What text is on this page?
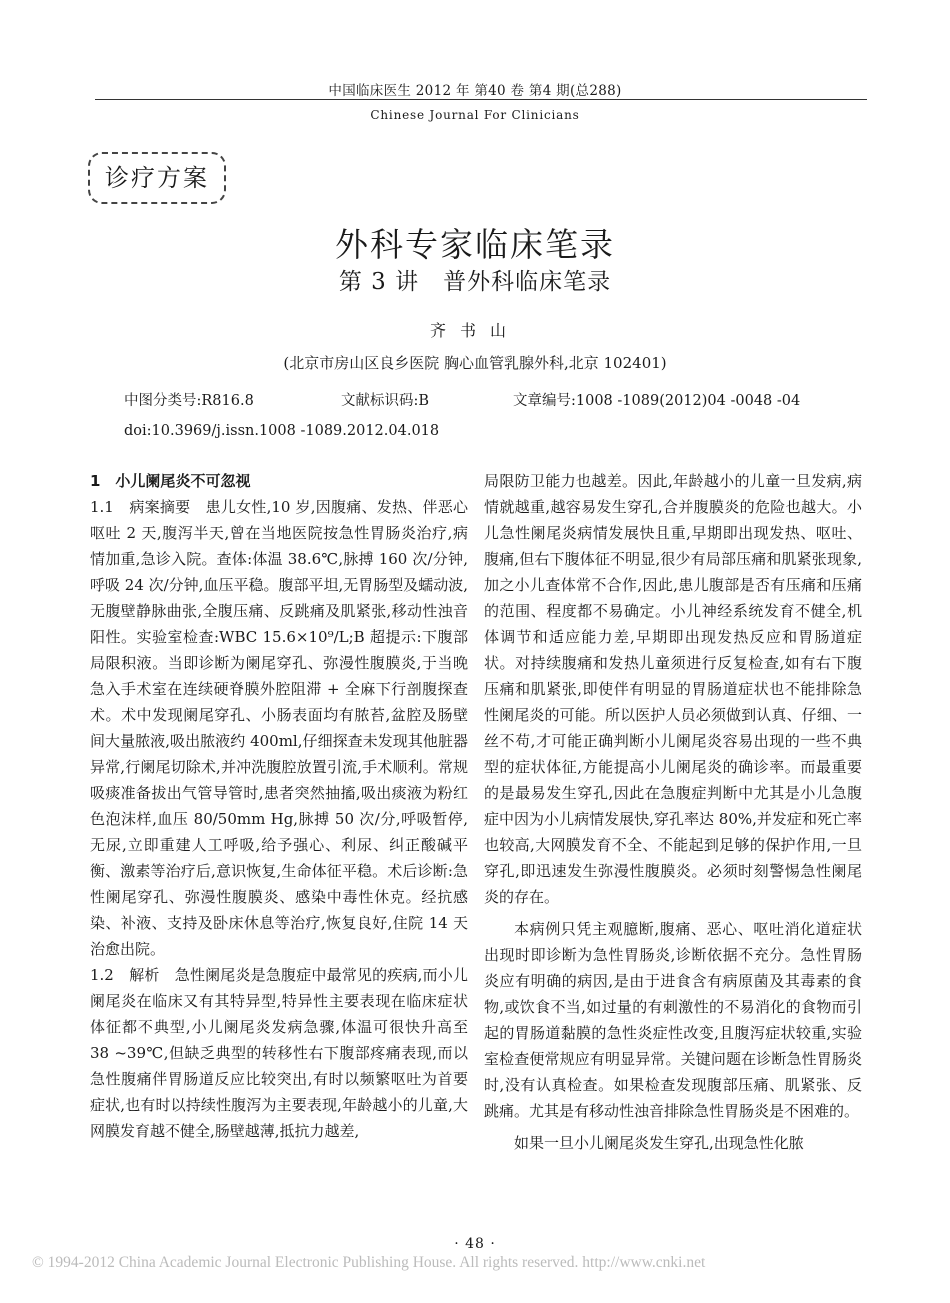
中国临床医生 2012 年 第40 卷 第4 期(总288)
Chinese Journal For Clinicians
诊疗方案
外科专家临床笔录
第 3 讲　普外科临床笔录
齐书山
(北京市房山区良乡医院 胸心血管乳腺外科,北京 102401)
中图分类号:R816.8	文献标识码:B	文章编号:1008 -1089(2012)04 -0048 -04
doi:10.3969/j.issn.1008 -1089.2012.04.018

1　小儿阑尾炎不可忽视

1.1　病案摘要　患儿女性,10 岁,因腹痛、发热、伴恶心呕吐 2 天,腹泻半天,曾在当地医院按急性胃肠炎治疗,病情加重,急诊入院。查体:体温 38.6℃,脉搏 160 次/分钟,呼吸 24 次/分钟,血压平稳。腹部平坦,无胃肠型及蠕动波,无腹壁静脉曲张,全腹压痛、反跳痛及肌紧张,移动性浊音阳性。实验室检查:WBC 15.6×10⁹/L;B 超提示:下腹部局限积液。当即诊断为阑尾穿孔、弥漫性腹膜炎,于当晚急入手术室在连续硬脊膜外腔阻滞 + 全麻下行剖腹探查术。术中发现阑尾穿孔、小肠表面均有脓苔,盆腔及肠壁间大量脓液,吸出脓液约 400ml,仔细探查未发现其他脏器异常,行阑尾切除术,并冲洗腹腔放置引流,手术顺利。常规吸痰准备拔出气管导管时,患者突然抽搐,吸出痰液为粉红色泡沫样,血压 80/50mm Hg,脉搏 50 次/分,呼吸暂停,无尿,立即重建人工呼吸,给予强心、利尿、纠正酸碱平衡、激素等治疗后,意识恢复,生命体征平稳。术后诊断:急性阑尾穿孔、弥漫性腹膜炎、感染中毒性休克。经抗感染、补液、支持及卧床休息等治疗,恢复良好,住院 14 天治愈出院。

1.2　解析　急性阑尾炎是急腹症中最常见的疾病,而小儿阑尾炎在临床又有其特异型,特异性主要表现在临床症状体征都不典型,小儿阑尾炎发病急骤,体温可很快升高至 38 ~39℃,但缺乏典型的转移性右下腹部疼痛表现,而以急性腹痛伴胃肠道反应比较突出,有时以频繁呕吐为首要症状,也有时以持续性腹泻为主要表现,年龄越小的儿童,大网膜发育越不健全,肠壁越薄,抵抗力越差,

局限防卫能力也越差。因此,年龄越小的儿童一旦发病,病情就越重,越容易发生穿孔,合并腹膜炎的危险也越大。小儿急性阑尾炎病情发展快且重,早期即出现发热、呕吐、腹痛,但右下腹体征不明显,很少有局部压痛和肌紧张现象,加之小儿查体常不合作,因此,患儿腹部是否有压痛和压痛的范围、程度都不易确定。小儿神经系统发育不健全,机体调节和适应能力差,早期即出现发热反应和胃肠道症状。对持续腹痛和发热儿童须进行反复检查,如有右下腹压痛和肌紧张,即使伴有明显的胃肠道症状也不能排除急性阑尾炎的可能。所以医护人员必须做到认真、仔细、一丝不苟,才可能正确判断小儿阑尾炎容易出现的一些不典型的症状体征,方能提高小儿阑尾炎的确诊率。而最重要的是最易发生穿孔,因此在急腹症判断中尤其是小儿急腹症中因为小儿病情发展快,穿孔率达 80%,并发症和死亡率也较高,大网膜发育不全、不能起到足够的保护作用,一旦穿孔,即迅速发生弥漫性腹膜炎。必须时刻警惕急性阑尾炎的存在。

本病例只凭主观臆断,腹痛、恶心、呕吐消化道症状出现时即诊断为急性胃肠炎,诊断依据不充分。急性胃肠炎应有明确的病因,是由于进食含有病原菌及其毒素的食物,或饮食不当,如过量的有刺激性的不易消化的食物而引起的胃肠道黏膜的急性炎症性改变,且腹泻症状较重,实验室检查便常规应有明显异常。关键问题在诊断急性胃肠炎时,没有认真检查。如果检查发现腹部压痛、肌紧张、反跳痛。尤其是有移动性浊音排除急性胃肠炎是不困难的。

如果一旦小儿阑尾炎发生穿孔,出现急性化脓

· 48 ·
© 1994-2012 China Academic Journal Electronic Publishing House. All rights reserved. http://www.cnki.net
